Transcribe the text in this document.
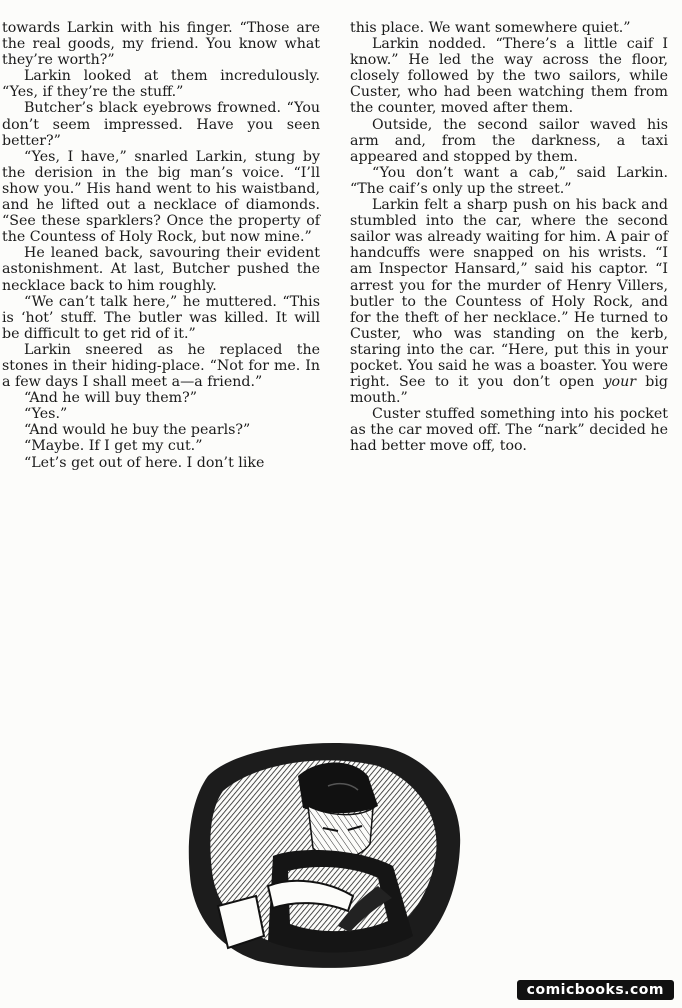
towards Larkin with his finger. “Those are the real goods, my friend. You know what they’re worth?”

Larkin looked at them incredulously. “Yes, if they’re the stuff.”

Butcher’s black eyebrows frowned. “You don’t seem impressed. Have you seen better?”

“Yes, I have,” snarled Larkin, stung by the derision in the big man’s voice. “I’ll show you.” His hand went to his waistband, and he lifted out a necklace of diamonds. “See these sparklers? Once the property of the Countess of Holy Rock, but now mine.”

He leaned back, savouring their evident astonishment. At last, Butcher pushed the necklace back to him roughly.

“We can’t talk here,” he muttered. “This is ‘hot’ stuff. The butler was killed. It will be difficult to get rid of it.”

Larkin sneered as he replaced the stones in their hiding-place. “Not for me. In a few days I shall meet a—a friend.”

“And he will buy them?”

“Yes.”

“And would he buy the pearls?”

“Maybe. If I get my cut.”

“Let’s get out of here. I don’t like

this place. We want somewhere quiet.”

Larkin nodded. “There’s a little caif I know.” He led the way across the floor, closely followed by the two sailors, while Custer, who had been watching them from the counter, moved after them.

Outside, the second sailor waved his arm and, from the darkness, a taxi appeared and stopped by them.

“You don’t want a cab,” said Larkin. “The caif’s only up the street.”

Larkin felt a sharp push on his back and stumbled into the car, where the second sailor was already waiting for him. A pair of handcuffs were snapped on his wrists. “I am Inspector Hansard,” said his captor. “I arrest you for the murder of Henry Villers, butler to the Countess of Holy Rock, and for the theft of her necklace.” He turned to Custer, who was standing on the kerb, staring into the car. “Here, put this in your pocket. You said he was a boaster. You were right. See to it you don’t open your big mouth.”

Custer stuffed something into his pocket as the car moved off. The “nark” decided he had better move off, too.

comicbooks.com
